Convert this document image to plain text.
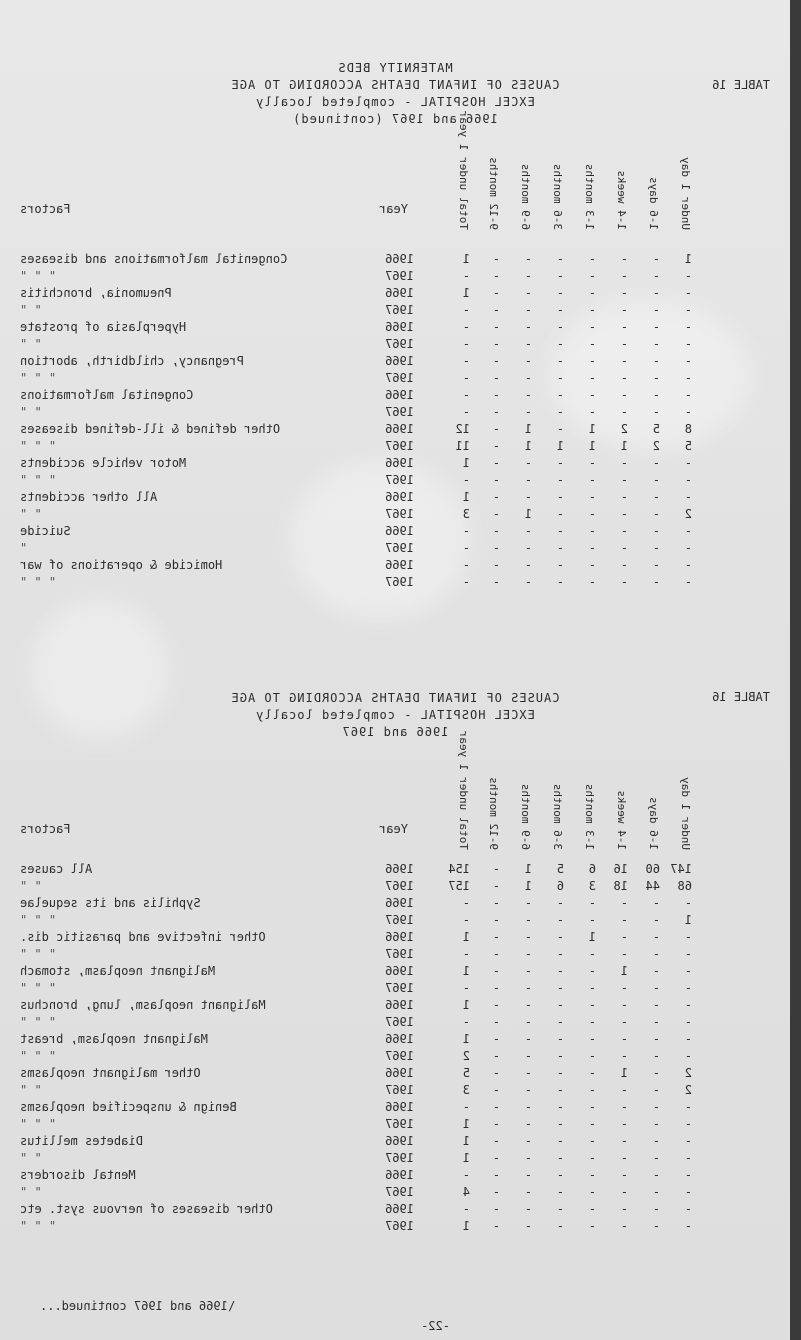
MATERNITY BEDS
CAUSES OF INFANT DEATHS ACCORDING TO AGE
EXCEL HOSPITAL - completed locally
1966 and 1967 (continued)
TABLE 16
Total under 1 year	9-12 months	6-9 months	3-6 months	1-3 months	1-4 weeks	1-6 days	Under 1 day
Year
Factors
Congenital malformations and diseases	1966	1 - - - - - - 1
" " "	1967	- - - - - - - -
Pneumonia, bronchitis	1966	1 - - - - - - -
" "	1967	- - - - - - - -
Hyperplasia of prostate	1966	- - - - - - - -
" "	1967	- - - - - - - -
Pregnancy, childbirth, abortion	1966	- - - - - - - -
" " "	1967	- - - - - - - -
Congenital malformations	1966	- - - - - - - -
" "	1967	- - - - - - - -
Other defined & ill-defined diseases	1966	12 - 1 - 1 2 5 8
" " "	1967	11 - 1 1 1 1 2 5
Motor vehicle accidents	1966	1 - - - - - - -
" " "	1967	- - - - - - - -
All other accidents	1966	1 - - - - - - -
" "	1967	3 - 1 - - - - 2
Suicide	1966	- - - - - - - -
"	1967	- - - - - - - -
Homicide & operations of war	1966	- - - - - - - -
" " "	1967	- - - - - - - -
CAUSES OF INFANT DEATHS ACCORDING TO AGE
EXCEL HOSPITAL - completed locally
1966 and 1967
TABLE 16
Total under 1 year	9-12 months	6-9 months	3-6 months	1-3 months	1-4 weeks	1-6 days	Under 1 day
Year
Factors
All causes	1966	154 - 1 5 6 16 60 147
" "	1967	157 - 1 6 3 18 44 68
Syphilis and its sequelae	1966	- - - - - - - -
" " "	1967	- - - - - - - 1
Other infective and parasitic dis.	1966	1 - - - 1 - - -
" " "	1967	- - - - - - - -
Malignant neoplasm, stomach	1966	1 - - - - 1 - -
" " "	1967	- - - - - - - -
Malignant neoplasm, lung, bronchus	1966	1 - - - - - - -
" " "	1967	- - - - - - - -
Malignant neoplasm, breast	1966	1 - - - - - - -
" " "	1967	2 - - - - - - -
Other malignant neoplasms	1966	5 - - - - 1 - 2
" "	1967	3 - - - - - - 2
Benign & unspecified neoplasms	1966	- - - - - - - -
" " "	1967	1 - - - - - - -
Diabetes mellitus	1966	1 - - - - - - -
" "	1967	1 - - - - - - -
Mental disorders	1966	- - - - - - - -
" "	1967	4 - - - - - - -
Other diseases of nervous syst. etc	1966	- - - - - - - -
" " "	1967	1 - - - - - - -
-22-
\1966 and 1967 continued...
